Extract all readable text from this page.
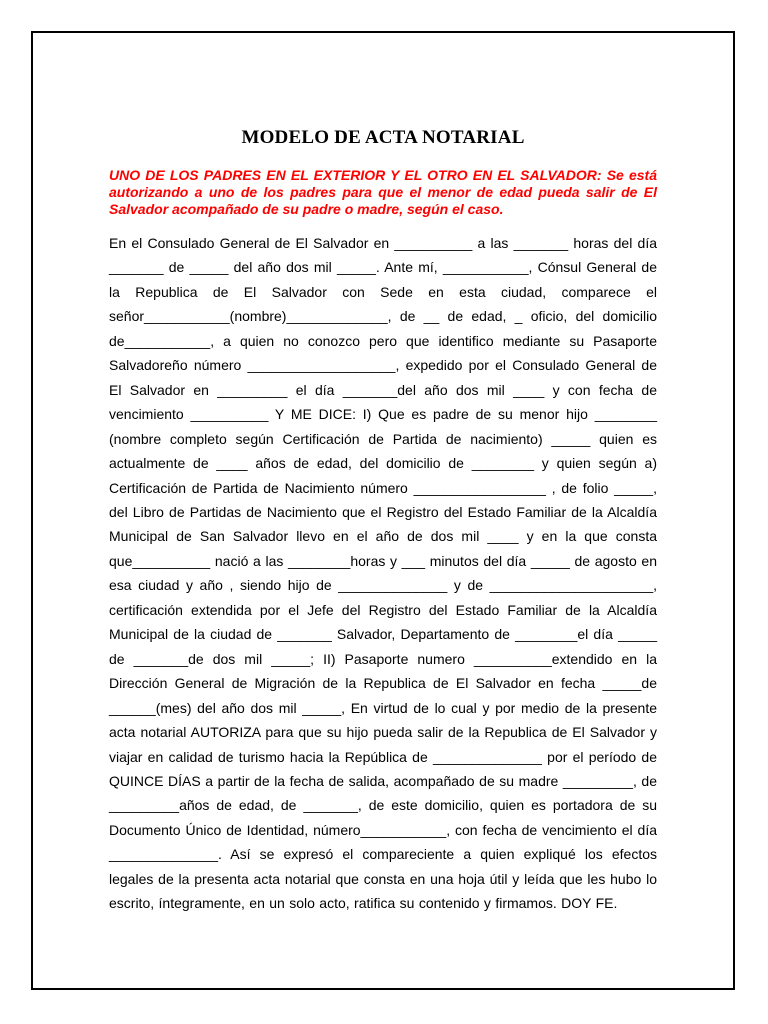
MODELO DE ACTA NOTARIAL

UNO DE LOS PADRES EN EL EXTERIOR Y EL OTRO EN EL SALVADOR: Se está autorizando a uno de los padres para que el menor de edad pueda salir de El Salvador acompañado de su padre o madre, según el caso.

En el Consulado General de El Salvador en __________ a las _______ horas del día _______ de _____ del año dos mil _____. Ante mí, ___________, Cónsul General de la Republica de El Salvador con Sede en esta ciudad, comparece el señor___________(nombre)_____________, de __ de edad, _ oficio, del domicilio de___________, a quien no conozco pero que identifico mediante su Pasaporte Salvadoreño número ___________________, expedido por el Consulado General de El Salvador en _________ el día _______del año dos mil ____ y con fecha de vencimiento __________ Y ME DICE: I) Que es padre de su menor hijo ________ (nombre completo según Certificación de Partida de nacimiento) _____ quien es actualmente de ____ años de edad, del domicilio de ________ y quien según a) Certificación de Partida de Nacimiento número _________________ , de folio _____, del Libro de Partidas de Nacimiento que el Registro del Estado Familiar de la Alcaldía Municipal de San Salvador llevo en el año de dos mil ____ y en la que consta que__________ nació a las ________horas y ___ minutos del día _____ de agosto en esa ciudad y año , siendo hijo de ______________ y de _____________________, certificación extendida por el Jefe del Registro del Estado Familiar de la Alcaldía Municipal de la ciudad de _______ Salvador, Departamento de ________el día _____ de _______de dos mil _____; II) Pasaporte numero __________extendido en la Dirección General de Migración de la Republica de El Salvador en fecha _____de ______(mes) del año dos mil _____, En virtud de lo cual y por medio de la presente acta notarial AUTORIZA para que su hijo pueda salir de la Republica de El Salvador y viajar en calidad de turismo hacia la República de ______________ por el período de QUINCE DÍAS a partir de la fecha de salida, acompañado de su madre _________, de _________años de edad, de _______, de este domicilio, quien es portadora de su Documento Único de Identidad, número___________, con fecha de vencimiento el día ______________. Así se expresó el compareciente a quien expliqué los efectos legales de la presenta acta notarial que consta en una hoja útil y leída que les hubo lo escrito, íntegramente, en un solo acto, ratifica su contenido y firmamos. DOY FE.
